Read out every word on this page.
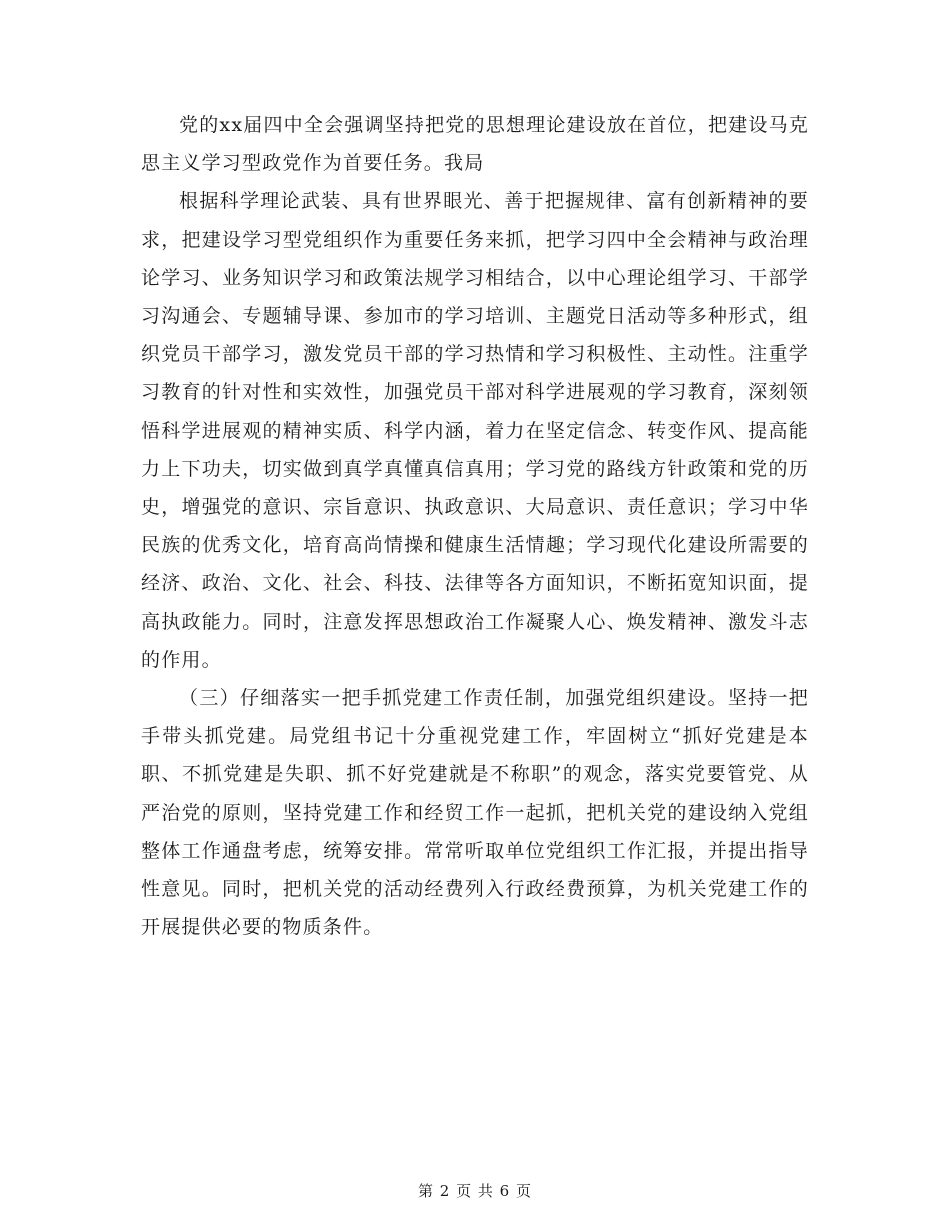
党的xx届四中全会强调坚持把党的思想理论建设放在首位，把建设马克思主义学习型政党作为首要任务。我局

根据科学理论武装、具有世界眼光、善于把握规律、富有创新精神的要求，把建设学习型党组织作为重要任务来抓，把学习四中全会精神与政治理论学习、业务知识学习和政策法规学习相结合，以中心理论组学习、干部学习沟通会、专题辅导课、参加市的学习培训、主题党日活动等多种形式，组织党员干部学习，激发党员干部的学习热情和学习积极性、主动性。注重学习教育的针对性和实效性，加强党员干部对科学进展观的学习教育，深刻领悟科学进展观的精神实质、科学内涵，着力在坚定信念、转变作风、提高能力上下功夫，切实做到真学真懂真信真用；学习党的路线方针政策和党的历史，增强党的意识、宗旨意识、执政意识、大局意识、责任意识；学习中华民族的优秀文化，培育高尚情操和健康生活情趣；学习现代化建设所需要的经济、政治、文化、社会、科技、法律等各方面知识，不断拓宽知识面，提高执政能力。同时，注意发挥思想政治工作凝聚人心、焕发精神、激发斗志的作用。

（三）仔细落实一把手抓党建工作责任制，加强党组织建设。坚持一把手带头抓党建。局党组书记十分重视党建工作，牢固树立“抓好党建是本职、不抓党建是失职、抓不好党建就是不称职”的观念，落实党要管党、从严治党的原则，坚持党建工作和经贸工作一起抓，把机关党的建设纳入党组整体工作通盘考虑，统筹安排。常常听取单位党组织工作汇报，并提出指导性意见。同时，把机关党的活动经费列入行政经费预算，为机关党建工作的开展提供必要的物质条件。

第 2 页 共 6 页
